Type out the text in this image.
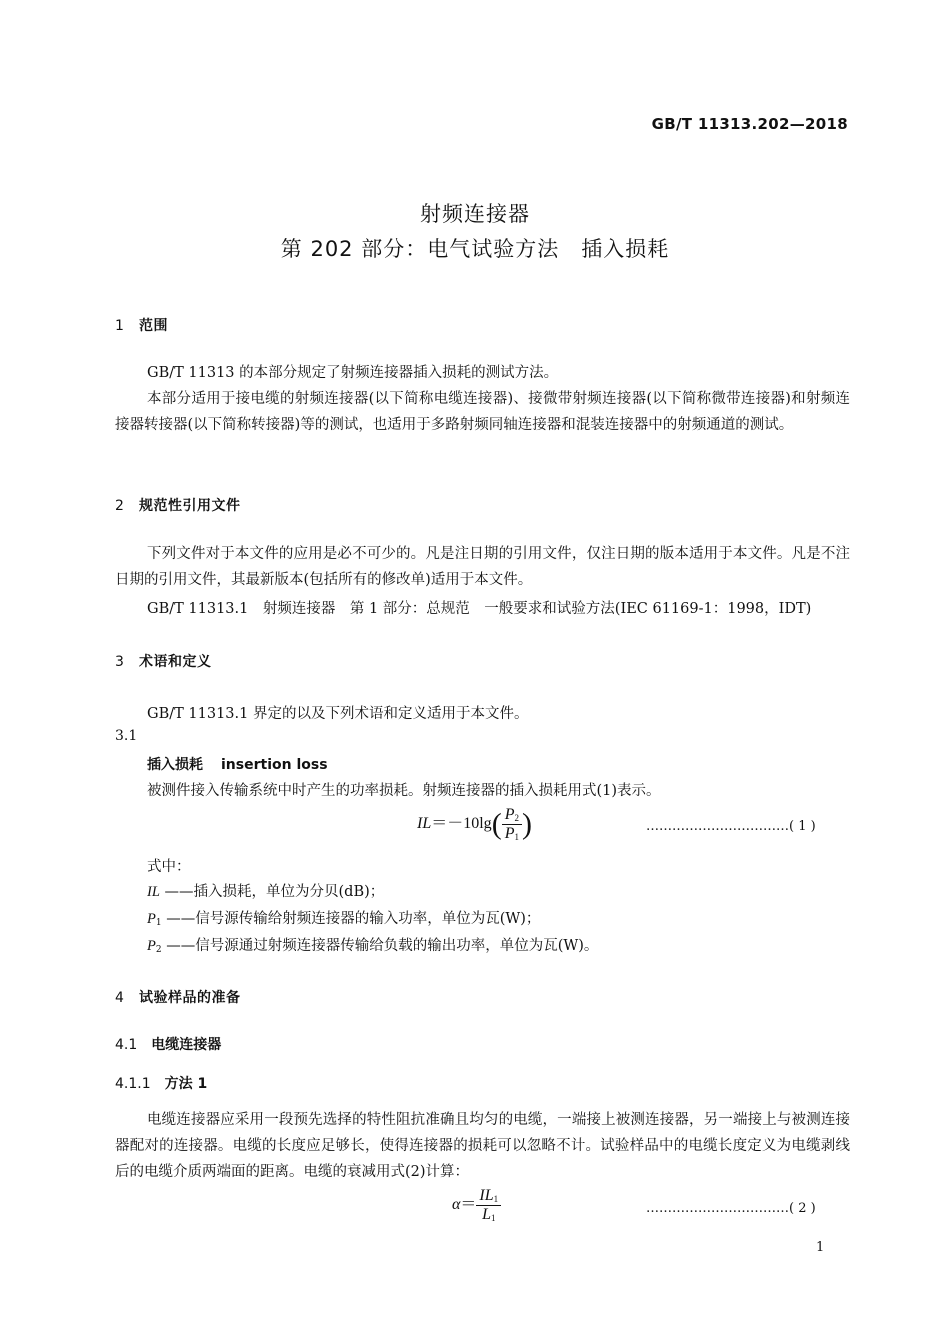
GB/T 11313.202—2018
射频连接器
第 202 部分：电气试验方法　插入损耗
1 范围
GB/T 11313 的本部分规定了射频连接器插入损耗的测试方法。
本部分适用于接电缆的射频连接器(以下简称电缆连接器)、接微带射频连接器(以下简称微带连接器)和射频连接器转接器(以下简称转接器)等的测试，也适用于多路射频同轴连接器和混装连接器中的射频通道的测试。
2 规范性引用文件
下列文件对于本文件的应用是必不可少的。凡是注日期的引用文件，仅注日期的版本适用于本文件。凡是不注日期的引用文件，其最新版本(包括所有的修改单)适用于本文件。
GB/T 11313.1　射频连接器　第 1 部分：总规范　一般要求和试验方法(IEC 61169-1：1998，IDT)
3 术语和定义
GB/T 11313.1 界定的以及下列术语和定义适用于本文件。
3.1
插入损耗 insertion loss
被测件接入传输系统中时产生的功率损耗。射频连接器的插入损耗用式(1)表示。
$IL=-10\lg( \frac{P_2}{P_1}$ )	……………………………( 1 )
式中：
IL ——插入损耗，单位为分贝(dB)；
$P_1$ ——信号源传输给射频连接器的输入功率，单位为瓦(W)；
$P_2$ ——信号源通过射频连接器传输给负载的输出功率，单位为瓦(W)。
4 试验样品的准备
4.1 电缆连接器
4.1.1 方法 1
电缆连接器应采用一段预先选择的特性阻抗准确且均匀的电缆，一端接上被测连接器，另一端接上与被测连接器配对的连接器。电缆的长度应足够长，使得连接器的损耗可以忽略不计。试验样品中的电缆长度定义为电缆剥线后的电缆介质两端面的距离。电缆的衰减用式(2)计算：
$\alpha= \frac{IL_1}{L_1}$	……………………………( 2 )
1
